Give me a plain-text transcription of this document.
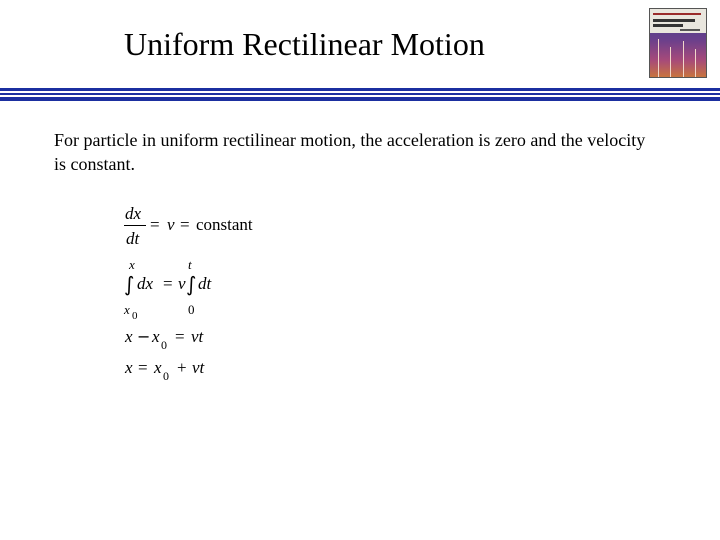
Uniform Rectilinear Motion
For particle in uniform rectilinear motion, the acceleration is zero and the velocity is constant.
dx
dt
= v = constant
x	t
∫ dx = v ∫ dt
x 0	0
x − x 0 = vt
x = x 0 + vt
